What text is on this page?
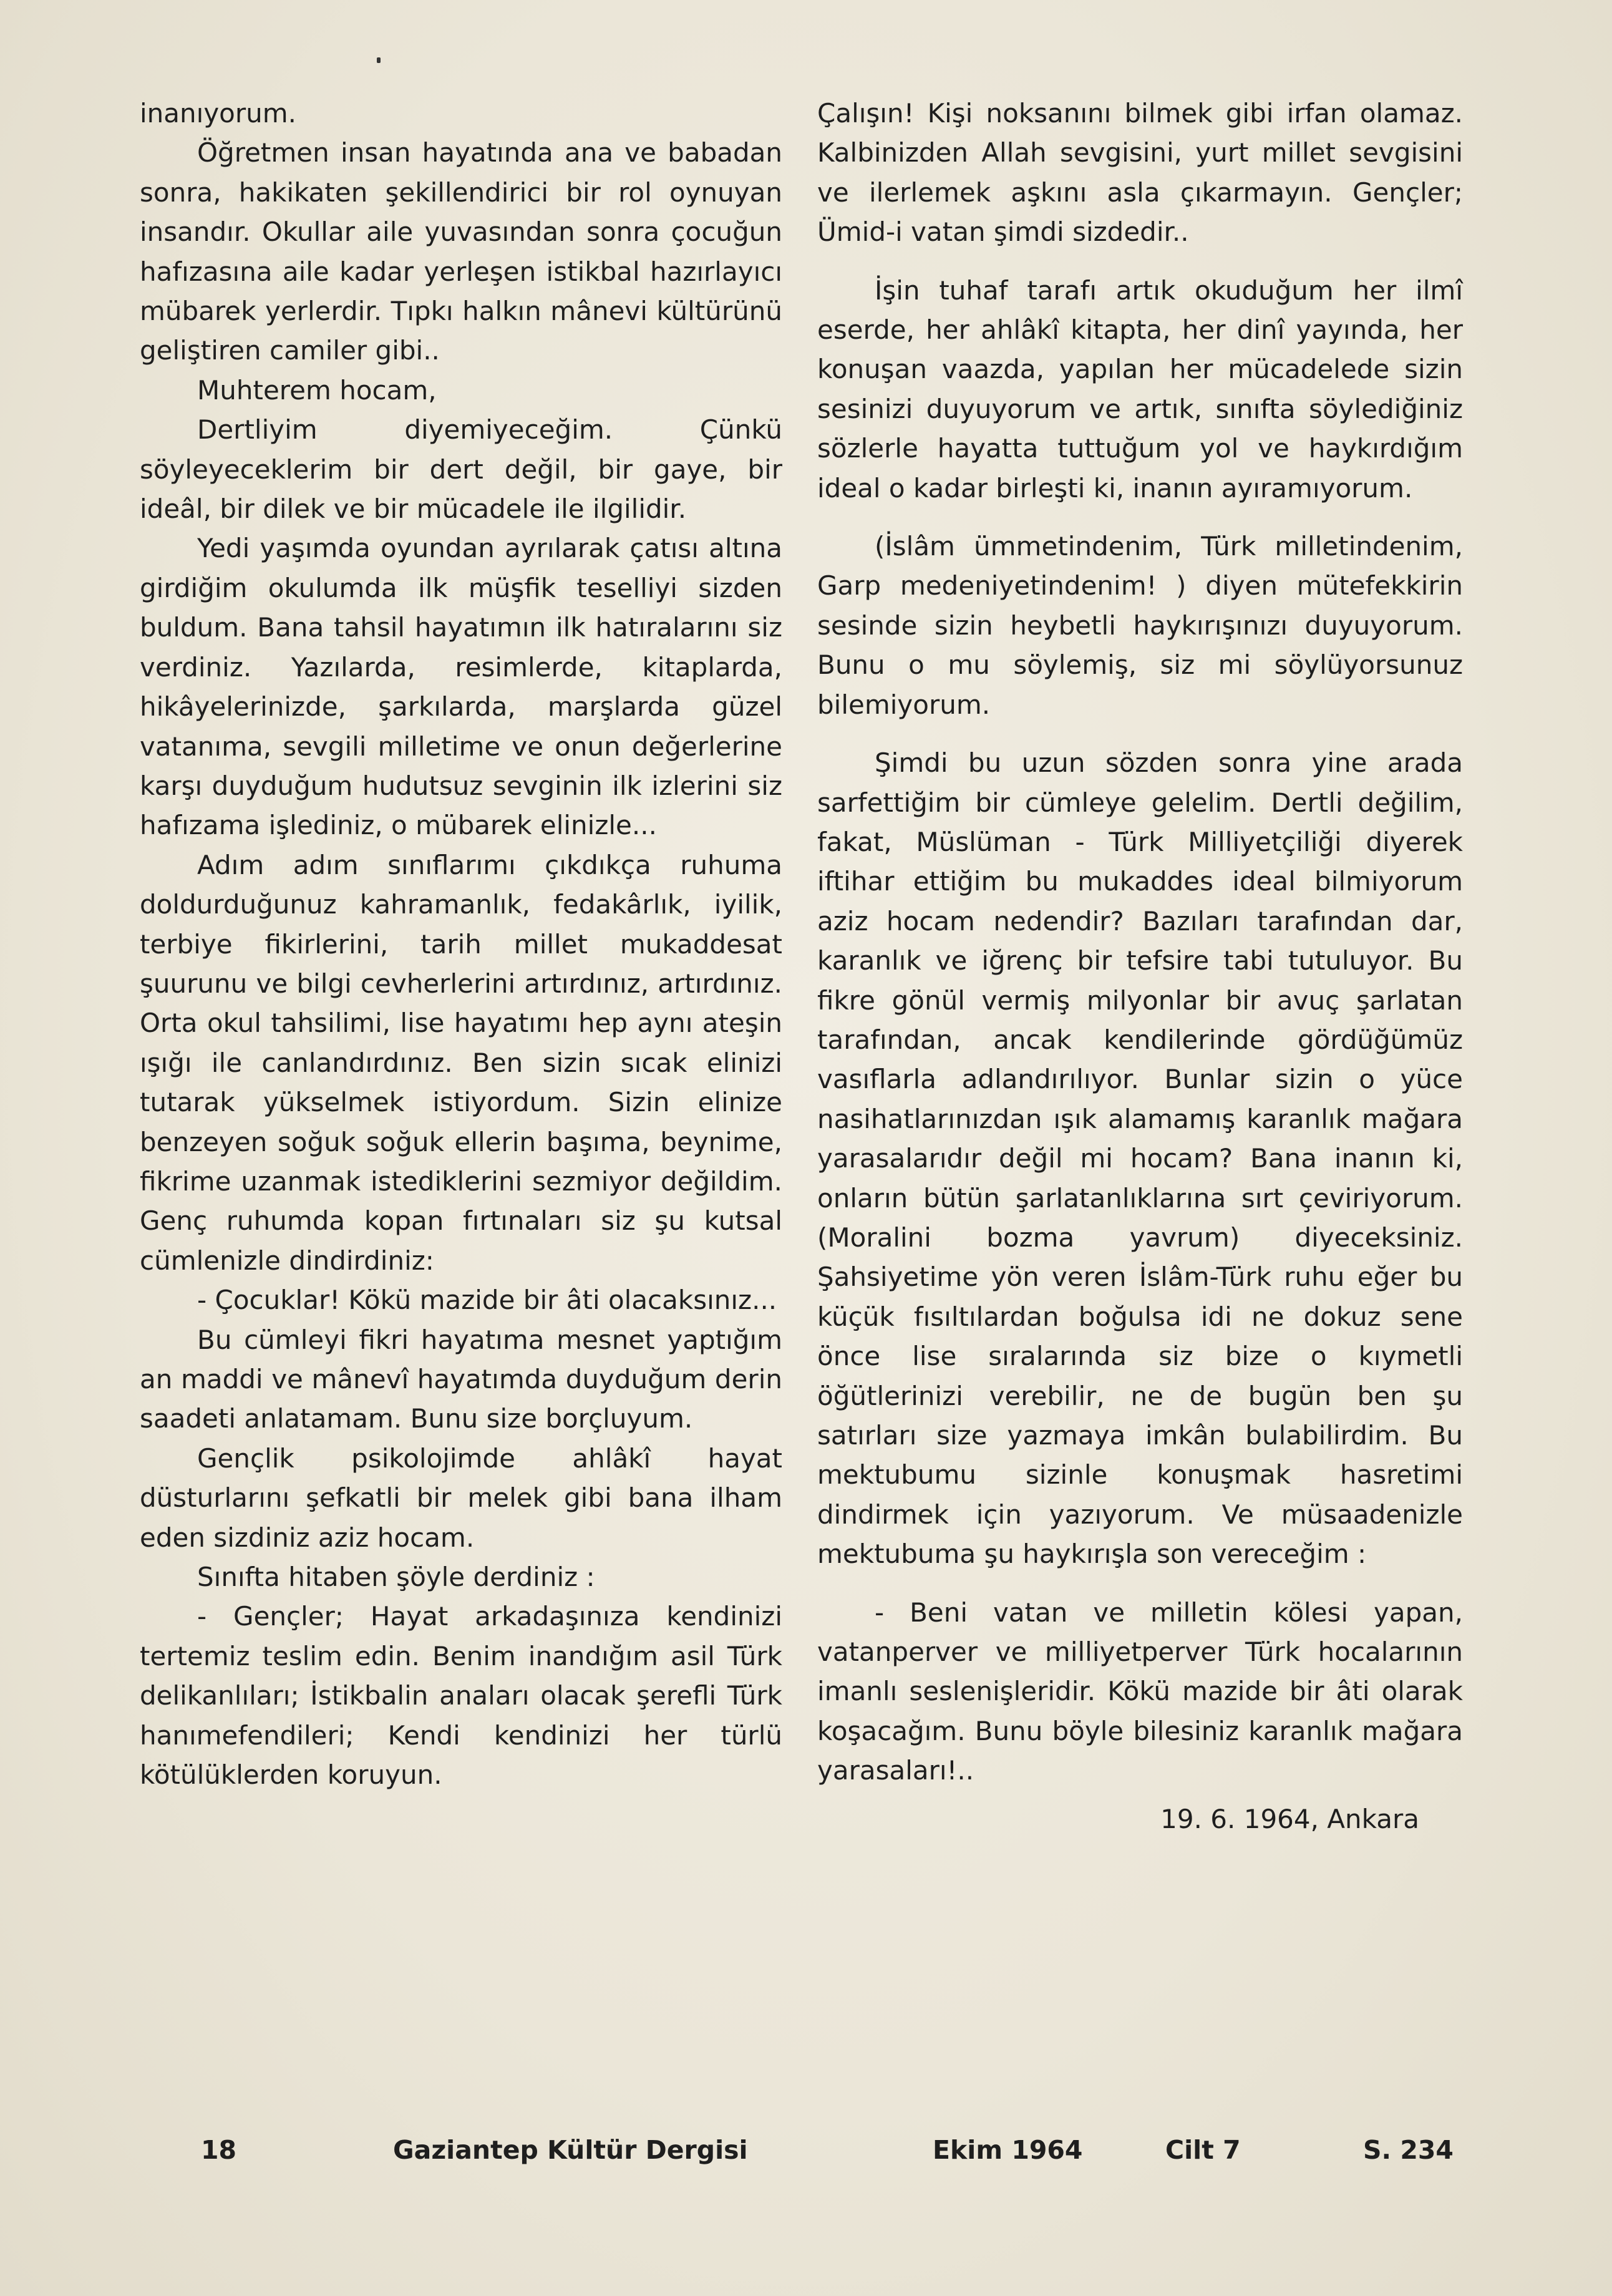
inanıyorum.

Öğretmen insan hayatında ana ve babadan sonra, hakikaten şekillendirici bir rol oynuyan insandır. Okullar aile yuvasından sonra çocuğun hafızasına aile kadar yerleşen istikbal hazırlayıcı mübarek yerlerdir. Tıpkı halkın mânevi kültürünü geliştiren camiler gibi..

Muhterem hocam,

Dertliyim diyemiyeceğim. Çünkü söyleyeceklerim bir dert değil, bir gaye, bir ideâl, bir dilek ve bir mücadele ile ilgilidir.

Yedi yaşımda oyundan ayrılarak çatısı altına girdiğim okulumda ilk müşfik teselliyi sizden buldum. Bana tahsil hayatımın ilk hatıralarını siz verdiniz. Yazılarda, resimlerde, kitaplarda, hikâyelerinizde, şarkılarda, marşlarda güzel vatanıma, sevgili milletime ve onun değerlerine karşı duyduğum hudutsuz sevginin ilk izlerini siz hafızama işlediniz, o mübarek elinizle...

Adım adım sınıflarımı çıkdıkça ruhuma doldurduğunuz kahramanlık, fedakârlık, iyilik, terbiye fikirlerini, tarih millet mukaddesat şuurunu ve bilgi cevherlerini artırdınız, artırdınız. Orta okul tahsilimi, lise hayatımı hep aynı ateşin ışığı ile canlandırdınız. Ben sizin sıcak elinizi tutarak yükselmek istiyordum. Sizin elinize benzeyen soğuk soğuk ellerin başıma, beynime, fikrime uzanmak istediklerini sezmiyor değildim. Genç ruhumda kopan fırtınaları siz şu kutsal cümlenizle dindirdiniz:

- Çocuklar! Kökü mazide bir âti olacaksınız...

Bu cümleyi fikri hayatıma mesnet yaptığım an maddi ve mânevî hayatımda duyduğum derin saadeti anlatamam. Bunu size borçluyum.

Gençlik psikolojimde ahlâkî hayat düsturlarını şefkatli bir melek gibi bana ilham eden sizdiniz aziz hocam.

Sınıfta hitaben şöyle derdiniz :

- Gençler; Hayat arkadaşınıza kendinizi tertemiz teslim edin. Benim inandığım asil Türk delikanlıları; İstikbalin anaları olacak şerefli Türk hanımefendileri; Kendi kendinizi her türlü kötülüklerden koruyun.

Çalışın! Kişi noksanını bilmek gibi irfan olamaz. Kalbinizden Allah sevgisini, yurt millet sevgisini ve ilerlemek aşkını asla çıkarmayın. Gençler; Ümid-i vatan şimdi sizdedir..

İşin tuhaf tarafı artık okuduğum her ilmî eserde, her ahlâkî kitapta, her dinî yayında, her konuşan vaazda, yapılan her mücadelede sizin sesinizi duyuyorum ve artık, sınıfta söylediğiniz sözlerle hayatta tuttuğum yol ve haykırdığım ideal o kadar birleşti ki, inanın ayıramıyorum.

(İslâm ümmetindenim, Türk milletindenim, Garp medeniyetindenim! ) diyen mütefekkirin sesinde sizin heybetli haykırışınızı duyuyorum. Bunu o mu söylemiş, siz mi söylüyorsunuz bilemiyorum.

Şimdi bu uzun sözden sonra yine arada sarfettiğim bir cümleye gelelim. Dertli değilim, fakat, Müslüman - Türk Milliyetçiliği diyerek iftihar ettiğim bu mukaddes ideal bilmiyorum aziz hocam nedendir? Bazıları tarafından dar, karanlık ve iğrenç bir tefsire tabi tutuluyor. Bu fikre gönül vermiş milyonlar bir avuç şarlatan tarafından, ancak kendilerinde gördüğümüz vasıflarla adlandırılıyor. Bunlar sizin o yüce nasihatlarınızdan ışık alamamış karanlık mağara yarasalarıdır değil mi hocam? Bana inanın ki, onların bütün şarlatanlıklarına sırt çeviriyorum. (Moralini bozma yavrum) diyeceksiniz. Şahsiyetime yön veren İslâm-Türk ruhu eğer bu küçük fısıltılardan boğulsa idi ne dokuz sene önce lise sıralarında siz bize o kıymetli öğütlerinizi verebilir, ne de bugün ben şu satırları size yazmaya imkân bulabilirdim. Bu mektubumu sizinle konuşmak hasretimi dindirmek için yazıyorum. Ve müsaadenizle mektubuma şu haykırışla son vereceğim :

- Beni vatan ve milletin kölesi yapan, vatanperver ve milliyetperver Türk hocalarının imanlı seslenişleridir. Kökü mazide bir âti olarak koşacağım. Bunu böyle bilesiniz karanlık mağara yarasaları!..

19. 6. 1964, Ankara

18	Gaziantep Kültür Dergisi	Ekim 1964	Cilt 7	S. 234
